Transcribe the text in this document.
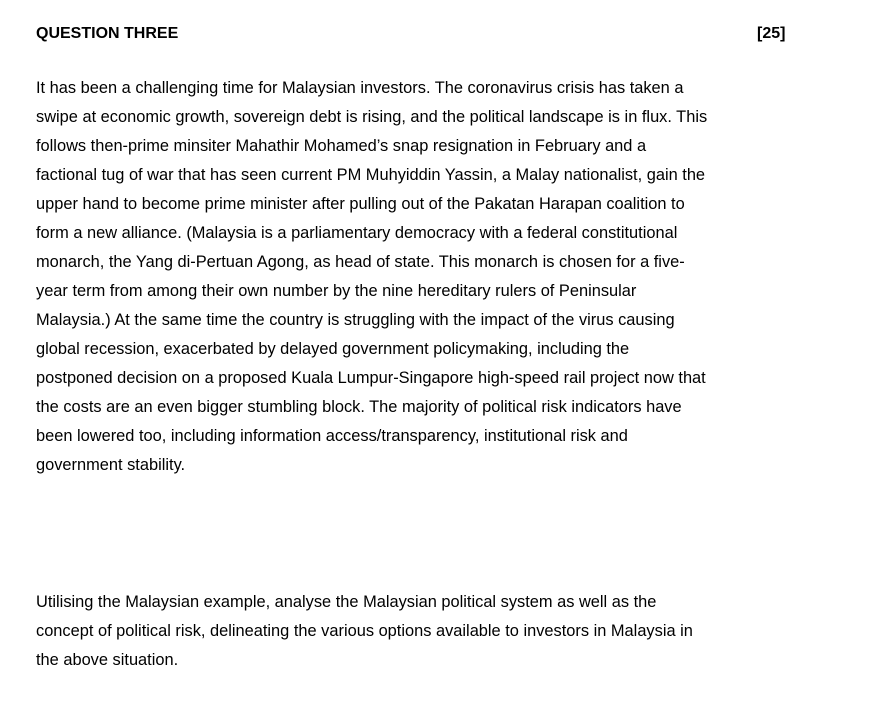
QUESTION THREE	[25]

It has been a challenging time for Malaysian investors. The coronavirus crisis has taken a
swipe at economic growth, sovereign debt is rising, and the political landscape is in flux. This
follows then-prime minsiter Mahathir Mohamed’s snap resignation in February and a
factional tug of war that has seen current PM Muhyiddin Yassin, a Malay nationalist, gain the
upper hand to become prime minister after pulling out of the Pakatan Harapan coalition to
form a new alliance. (Malaysia is a parliamentary democracy with a federal constitutional
monarch, the Yang di-Pertuan Agong, as head of state. This monarch is chosen for a five-
year term from among their own number by the nine hereditary rulers of Peninsular
Malaysia.) At the same time the country is struggling with the impact of the virus causing
global recession, exacerbated by delayed government policymaking, including the
postponed decision on a proposed Kuala Lumpur-Singapore high-speed rail project now that
the costs are an even bigger stumbling block. The majority of political risk indicators have
been lowered too, including information access/transparency, institutional risk and
government stability.

Utilising the Malaysian example, analyse the Malaysian political system as well as the
concept of political risk, delineating the various options available to investors in Malaysia in
the above situation.
